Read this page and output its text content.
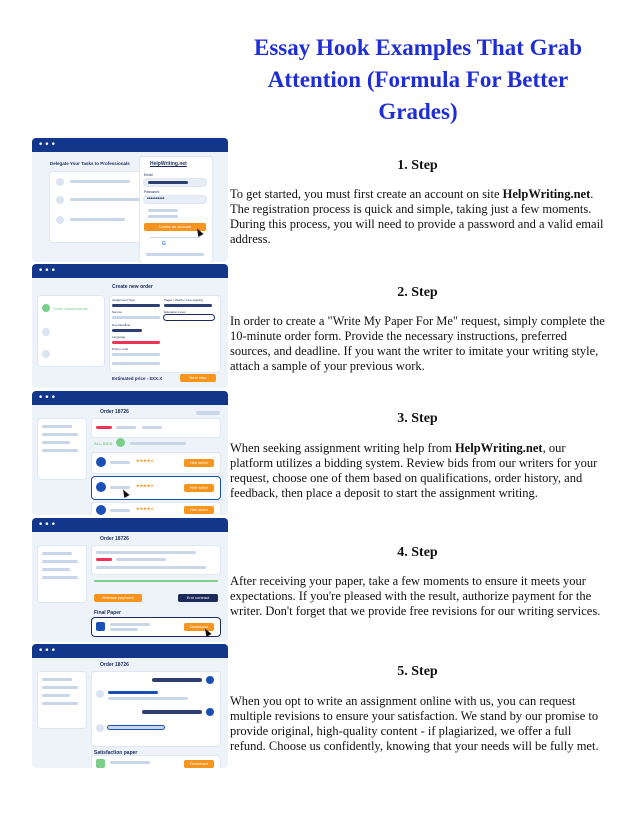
Essay Hook Examples That Grab Attention (Formula For Better Grades)
•••
Delegate Your Tasks to Professionals	HelpWriting.net
Email
Password
••••••••••
Create an account
G
1. Step
To get started, you must first create an account on site HelpWriting.net. The registration process is quick and simple, taking just a few moments. During this process, you will need to provide a password and a valid email address.
•••
Create new order
Order requirements
Assignment Type	Pages / Words / Line spacing
Service	Education Level
Due Deadline
Language
Promo code
Estimated price - $XX.X	Next step
2. Step
In order to create a "Write My Paper For Me" request, simply complete the 10-minute order form. Provide the necessary instructions, preferred sources, and deadline. If you want the writer to imitate your writing style, attach a sample of your previous work.
•••
Order 18726
ALL BIDS
★★★★☆	Hire writer
★★★★☆	Hire writer
★★★★☆	Hire writer
3. Step
When seeking assignment writing help from HelpWriting.net, our platform utilizes a bidding system. Review bids from our writers for your request, choose one of them based on qualifications, order history, and feedback, then place a deposit to start the assignment writing.
•••
Order 18726
Release payment	End contract
Final Paper
Download
4. Step
After receiving your paper, take a few moments to ensure it meets your expectations. If you're pleased with the result, authorize payment for the writer. Don't forget that we provide free revisions for our writing services.
•••
Order 18726
Satisfaction paper
Download
5. Step
When you opt to write an assignment online with us, you can request multiple revisions to ensure your satisfaction. We stand by our promise to provide original, high-quality content - if plagiarized, we offer a full refund. Choose us confidently, knowing that your needs will be fully met.
